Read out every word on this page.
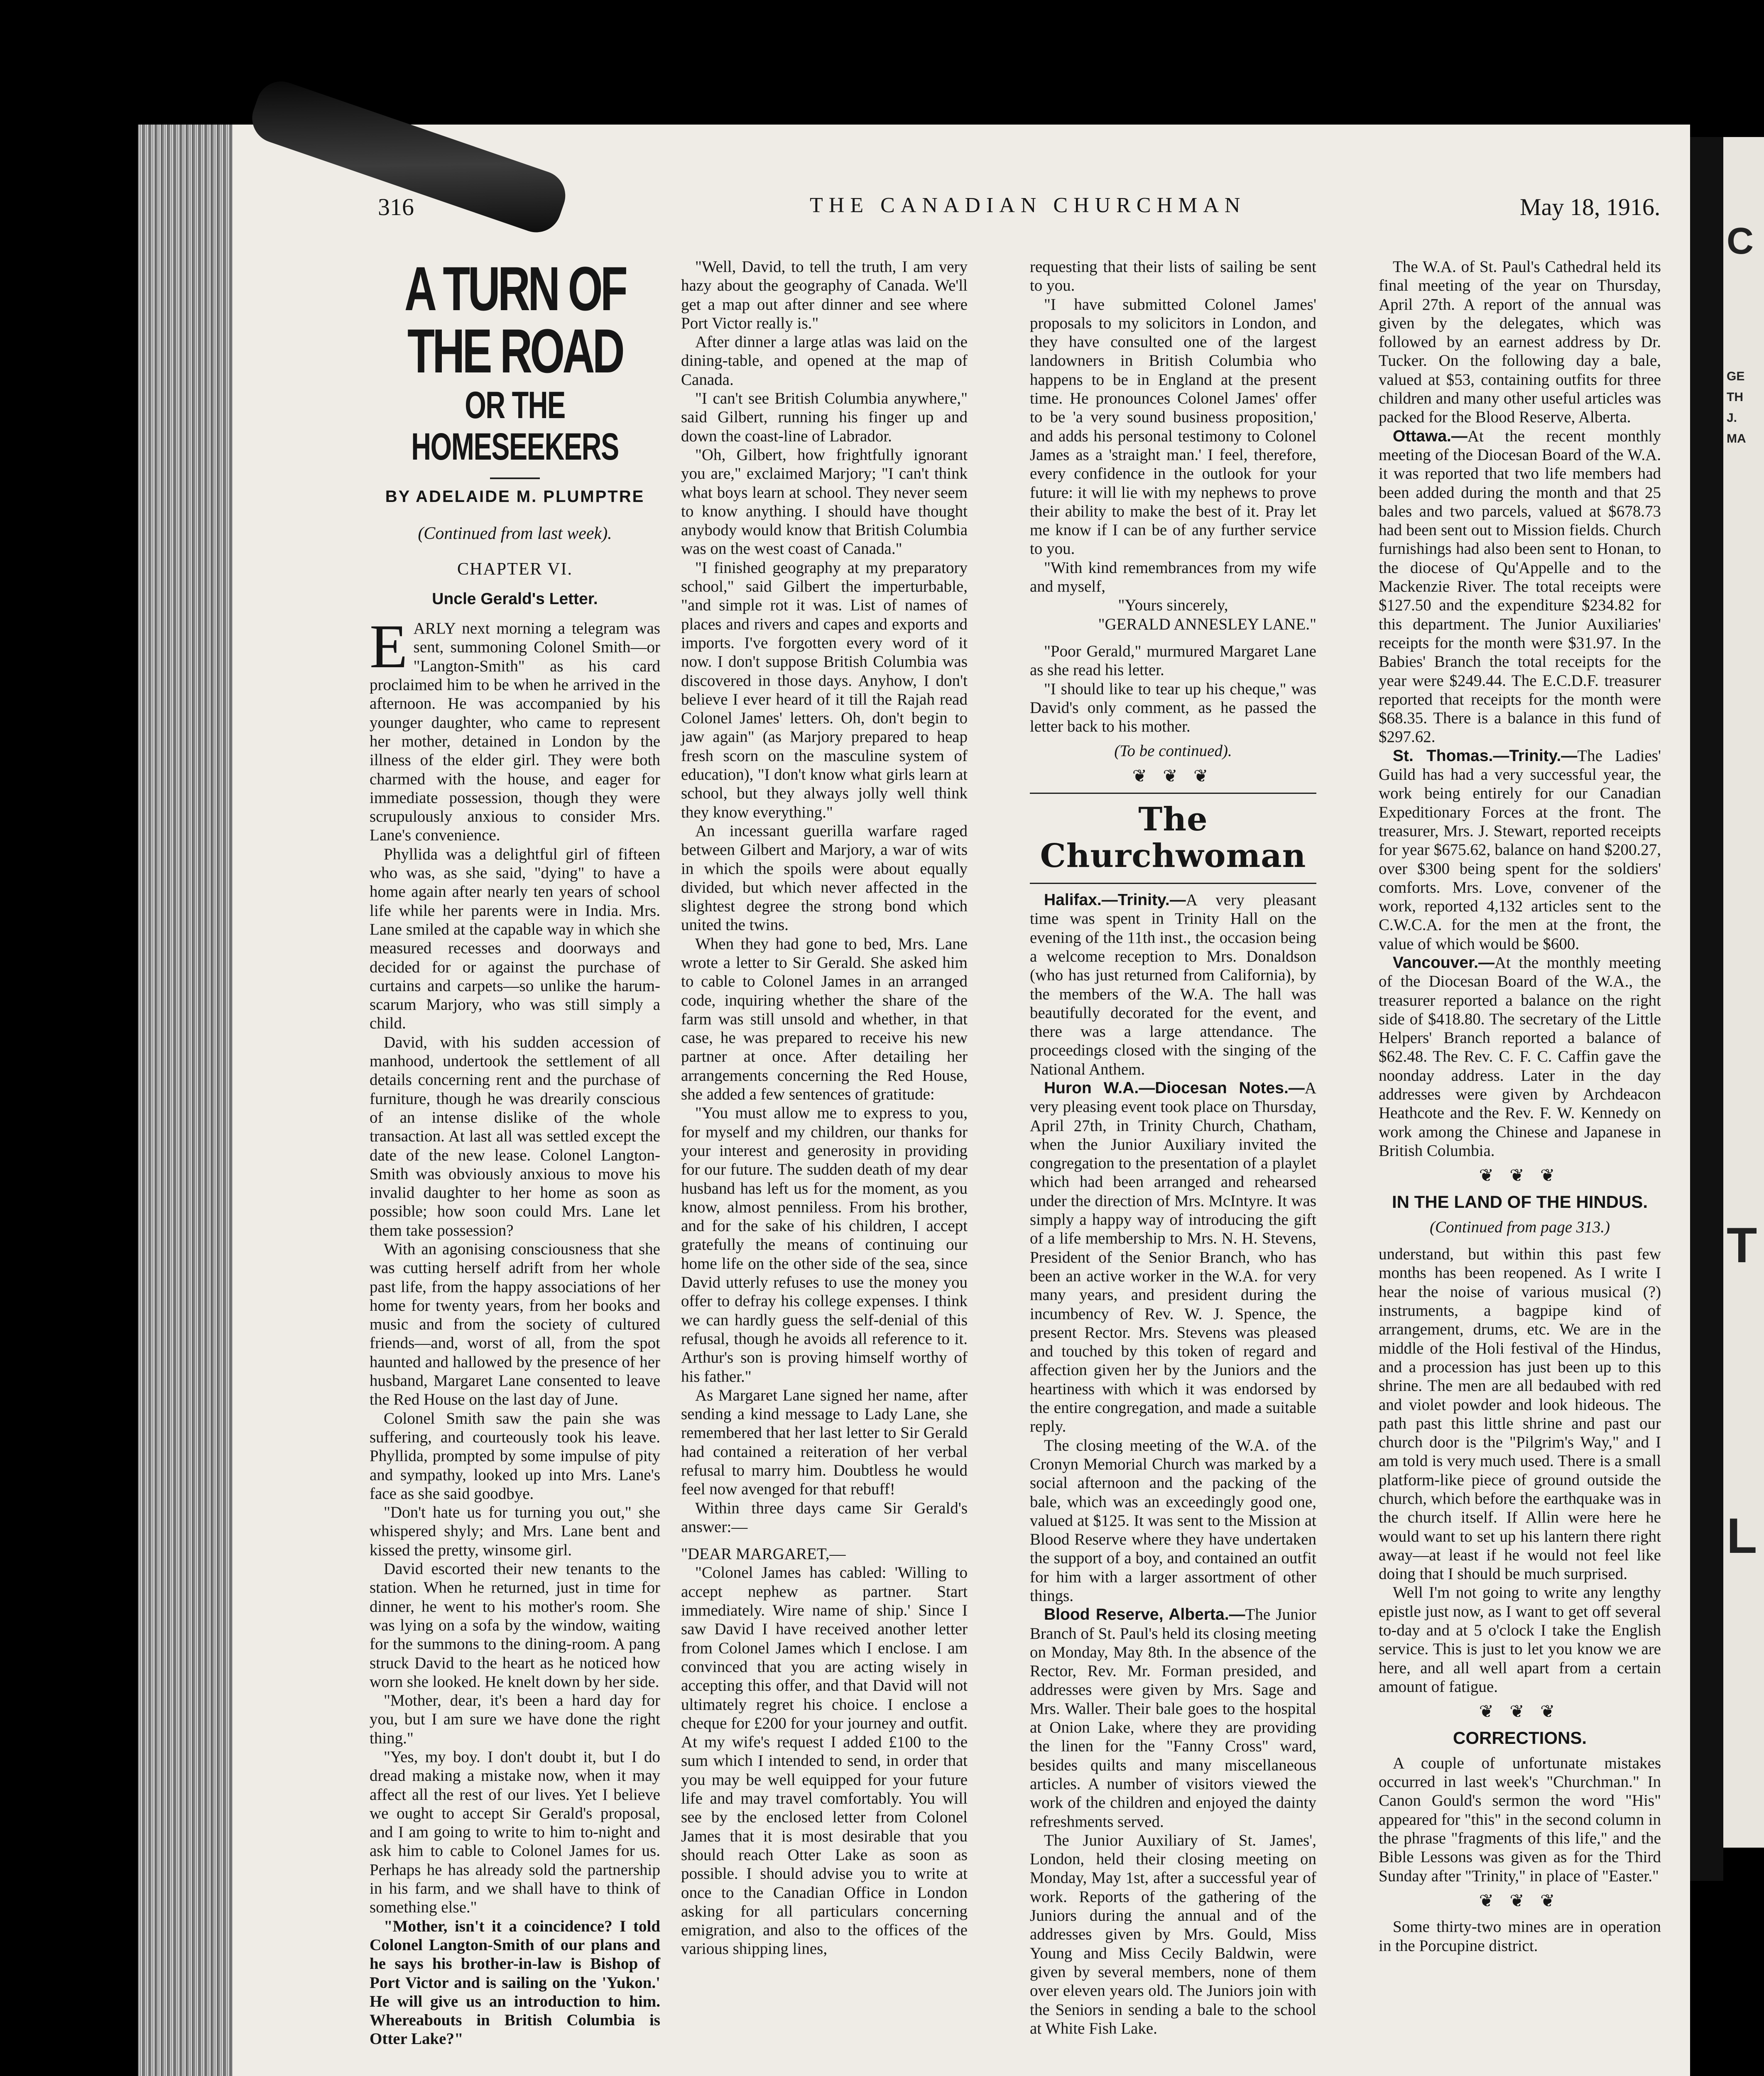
C
GE
TH
J.
MA
T
L
316	THE CANADIAN CHURCHMAN	May 18, 1916.
A TURN OF THE ROAD
OR THE HOMESEEKERS
BY ADELAIDE M. PLUMPTRE
(Continued from last week).
CHAPTER VI.
Uncle Gerald's Letter.

EARLY next morning a telegram was sent, summoning Colonel Smith—or "Langton-Smith" as his card proclaimed him to be when he arrived in the afternoon. He was accompanied by his younger daughter, who came to represent her mother, detained in London by the illness of the elder girl. They were both charmed with the house, and eager for immediate possession, though they were scrupulously anxious to consider Mrs. Lane's convenience.

Phyllida was a delightful girl of fifteen who was, as she said, "dying" to have a home again after nearly ten years of school life while her parents were in India. Mrs. Lane smiled at the capable way in which she measured recesses and doorways and decided for or against the purchase of curtains and carpets—so unlike the harum-scarum Marjory, who was still simply a child.

David, with his sudden accession of manhood, undertook the settlement of all details concerning rent and the purchase of furniture, though he was drearily conscious of an intense dislike of the whole transaction. At last all was settled except the date of the new lease. Colonel Langton-Smith was obviously anxious to move his invalid daughter to her home as soon as possible; how soon could Mrs. Lane let them take possession?

With an agonising consciousness that she was cutting herself adrift from her whole past life, from the happy associations of her home for twenty years, from her books and music and from the society of cultured friends—and, worst of all, from the spot haunted and hallowed by the presence of her husband, Margaret Lane consented to leave the Red House on the last day of June.

Colonel Smith saw the pain she was suffering, and courteously took his leave. Phyllida, prompted by some impulse of pity and sympathy, looked up into Mrs. Lane's face as she said goodbye.

"Don't hate us for turning you out," she whispered shyly; and Mrs. Lane bent and kissed the pretty, winsome girl.

David escorted their new tenants to the station. When he returned, just in time for dinner, he went to his mother's room. She was lying on a sofa by the window, waiting for the summons to the dining-room. A pang struck David to the heart as he noticed how worn she looked. He knelt down by her side.

"Mother, dear, it's been a hard day for you, but I am sure we have done the right thing."

"Yes, my boy. I don't doubt it, but I do dread making a mistake now, when it may affect all the rest of our lives. Yet I believe we ought to accept Sir Gerald's proposal, and I am going to write to him to-night and ask him to cable to Colonel James for us. Perhaps he has already sold the partnership in his farm, and we shall have to think of something else."

"Mother, isn't it a coincidence? I told Colonel Langton-Smith of our plans and he says his brother-in-law is Bishop of Port Victor and is sailing on the 'Yukon.' He will give us an introduction to him. Whereabouts in British Columbia is Otter Lake?"

"Well, David, to tell the truth, I am very hazy about the geography of Canada. We'll get a map out after dinner and see where Port Victor really is."

After dinner a large atlas was laid on the dining-table, and opened at the map of Canada.

"I can't see British Columbia anywhere," said Gilbert, running his finger up and down the coast-line of Labrador.

"Oh, Gilbert, how frightfully ignorant you are," exclaimed Marjory; "I can't think what boys learn at school. They never seem to know anything. I should have thought anybody would know that British Columbia was on the west coast of Canada."

"I finished geography at my preparatory school," said Gilbert the imperturbable, "and simple rot it was. List of names of places and rivers and capes and exports and imports. I've forgotten every word of it now. I don't suppose British Columbia was discovered in those days. Anyhow, I don't believe I ever heard of it till the Rajah read Colonel James' letters. Oh, don't begin to jaw again" (as Marjory prepared to heap fresh scorn on the masculine system of education), "I don't know what girls learn at school, but they always jolly well think they know everything."

An incessant guerilla warfare raged between Gilbert and Marjory, a war of wits in which the spoils were about equally divided, but which never affected in the slightest degree the strong bond which united the twins.

When they had gone to bed, Mrs. Lane wrote a letter to Sir Gerald. She asked him to cable to Colonel James in an arranged code, inquiring whether the share of the farm was still unsold and whether, in that case, he was prepared to receive his new partner at once. After detailing her arrangements concerning the Red House, she added a few sentences of gratitude:

"You must allow me to express to you, for myself and my children, our thanks for your interest and generosity in providing for our future. The sudden death of my dear husband has left us for the moment, as you know, almost penniless. From his brother, and for the sake of his children, I accept gratefully the means of continuing our home life on the other side of the sea, since David utterly refuses to use the money you offer to defray his college expenses. I think we can hardly guess the self-denial of this refusal, though he avoids all reference to it. Arthur's son is proving himself worthy of his father."

As Margaret Lane signed her name, after sending a kind message to Lady Lane, she remembered that her last letter to Sir Gerald had contained a reiteration of her verbal refusal to marry him. Doubtless he would feel now avenged for that rebuff!

Within three days came Sir Gerald's answer:—

"DEAR MARGARET,—

"Colonel James has cabled: 'Willing to accept nephew as partner. Start immediately. Wire name of ship.' Since I saw David I have received another letter from Colonel James which I enclose. I am convinced that you are acting wisely in accepting this offer, and that David will not ultimately regret his choice. I enclose a cheque for £200 for your journey and outfit. At my wife's request I added £100 to the sum which I intended to send, in order that you may be well equipped for your future life and may travel comfortably. You will see by the enclosed letter from Colonel James that it is most desirable that you should reach Otter Lake as soon as possible. I should advise you to write at once to the Canadian Office in London asking for all particulars concerning emigration, and also to the offices of the various shipping lines,

requesting that their lists of sailing be sent to you.

"I have submitted Colonel James' proposals to my solicitors in London, and they have consulted one of the largest landowners in British Columbia who happens to be in England at the present time. He pronounces Colonel James' offer to be 'a very sound business proposition,' and adds his personal testimony to Colonel James as a 'straight man.' I feel, therefore, every confidence in the outlook for your future: it will lie with my nephews to prove their ability to make the best of it. Pray let me know if I can be of any further service to you.

"With kind remembrances from my wife and myself,

"Yours sincerely,

"GERALD ANNESLEY LANE."

"Poor Gerald," murmured Margaret Lane as she read his letter.

"I should like to tear up his cheque," was David's only comment, as he passed the letter back to his mother.

(To be continued).

❦ ❦ ❦
The Churchwoman

Halifax.—Trinity.—A very pleasant time was spent in Trinity Hall on the evening of the 11th inst., the occasion being a welcome reception to Mrs. Donaldson (who has just returned from California), by the members of the W.A. The hall was beautifully decorated for the event, and there was a large attendance. The proceedings closed with the singing of the National Anthem.

Huron W.A.—Diocesan Notes.—A very pleasing event took place on Thursday, April 27th, in Trinity Church, Chatham, when the Junior Auxiliary invited the congregation to the presentation of a playlet which had been arranged and rehearsed under the direction of Mrs. McIntyre. It was simply a happy way of introducing the gift of a life membership to Mrs. N. H. Stevens, President of the Senior Branch, who has been an active worker in the W.A. for very many years, and president during the incumbency of Rev. W. J. Spence, the present Rector. Mrs. Stevens was pleased and touched by this token of regard and affection given her by the Juniors and the heartiness with which it was endorsed by the entire congregation, and made a suitable reply.

The closing meeting of the W.A. of the Cronyn Memorial Church was marked by a social afternoon and the packing of the bale, which was an exceedingly good one, valued at $125. It was sent to the Mission at Blood Reserve where they have undertaken the support of a boy, and contained an outfit for him with a larger assortment of other things.

Blood Reserve, Alberta.—The Junior Branch of St. Paul's held its closing meeting on Monday, May 8th. In the absence of the Rector, Rev. Mr. Forman presided, and addresses were given by Mrs. Sage and Mrs. Waller. Their bale goes to the hospital at Onion Lake, where they are providing the linen for the "Fanny Cross" ward, besides quilts and many miscellaneous articles. A number of visitors viewed the work of the children and enjoyed the dainty refreshments served.

The Junior Auxiliary of St. James', London, held their closing meeting on Monday, May 1st, after a successful year of work. Reports of the gathering of the Juniors during the annual and of the addresses given by Mrs. Gould, Miss Young and Miss Cecily Baldwin, were given by several members, none of them over eleven years old. The Juniors join with the Seniors in sending a bale to the school at White Fish Lake.

The W.A. of St. Paul's Cathedral held its final meeting of the year on Thursday, April 27th. A report of the annual was given by the delegates, which was followed by an earnest address by Dr. Tucker. On the following day a bale, valued at $53, containing outfits for three children and many other useful articles was packed for the Blood Reserve, Alberta.

Ottawa.—At the recent monthly meeting of the Diocesan Board of the W.A. it was reported that two life members had been added during the month and that 25 bales and two parcels, valued at $678.73 had been sent out to Mission fields. Church furnishings had also been sent to Honan, to the diocese of Qu'Appelle and to the Mackenzie River. The total receipts were $127.50 and the expenditure $234.82 for this department. The Junior Auxiliaries' receipts for the month were $31.97. In the Babies' Branch the total receipts for the year were $249.44. The E.C.D.F. treasurer reported that receipts for the month were $68.35. There is a balance in this fund of $297.62.

St. Thomas.—Trinity.—The Ladies' Guild has had a very successful year, the work being entirely for our Canadian Expeditionary Forces at the front. The treasurer, Mrs. J. Stewart, reported receipts for year $675.62, balance on hand $200.27, over $300 being spent for the soldiers' comforts. Mrs. Love, convener of the work, reported 4,132 articles sent to the C.W.C.A. for the men at the front, the value of which would be $600.

Vancouver.—At the monthly meeting of the Diocesan Board of the W.A., the treasurer reported a balance on the right side of $418.80. The secretary of the Little Helpers' Branch reported a balance of $62.48. The Rev. C. F. C. Caffin gave the noonday address. Later in the day addresses were given by Archdeacon Heathcote and the Rev. F. W. Kennedy on work among the Chinese and Japanese in British Columbia.

❦ ❦ ❦
IN THE LAND OF THE HINDUS.

(Continued from page 313.)

understand, but within this past few months has been reopened. As I write I hear the noise of various musical (?) instruments, a bagpipe kind of arrangement, drums, etc. We are in the middle of the Holi festival of the Hindus, and a procession has just been up to this shrine. The men are all bedaubed with red and violet powder and look hideous. The path past this little shrine and past our church door is the "Pilgrim's Way," and I am told is very much used. There is a small platform-like piece of ground outside the church, which before the earthquake was in the church itself. If Allin were here he would want to set up his lantern there right away—at least if he would not feel like doing that I should be much surprised.

Well I'm not going to write any lengthy epistle just now, as I want to get off several to-day and at 5 o'clock I take the English service. This is just to let you know we are here, and all well apart from a certain amount of fatigue.

❦ ❦ ❦
CORRECTIONS.

A couple of unfortunate mistakes occurred in last week's "Churchman." In Canon Gould's sermon the word "His" appeared for "this" in the second column in the phrase "fragments of this life," and the Bible Lessons was given as for the Third Sunday after "Trinity," in place of "Easter."

❦ ❦ ❦

Some thirty-two mines are in operation in the Porcupine district.
